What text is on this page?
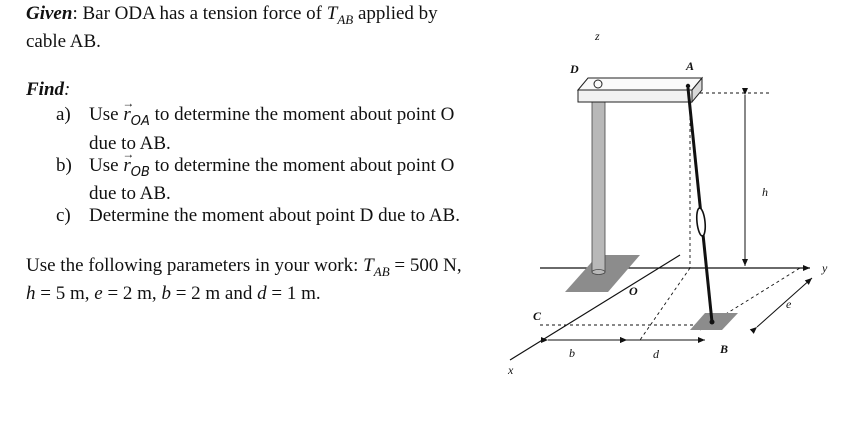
Given: Bar ODA has a tension force of $T_{AB}$ applied by cable AB.

Find:
a) Use → $r_{OA}$ to determine the moment about point O due to AB.
b) Use → $r_{OB}$ to determine the moment about point O due to AB.
c) Determine the moment about point D due to AB.

Use the following parameters in your work: $T_{AB} = 500$ N, h = 5 m, e = 2 m, b = 2 m and d = 1 m.

z
D	A
h
y
O
e
C
B
b	d
x
